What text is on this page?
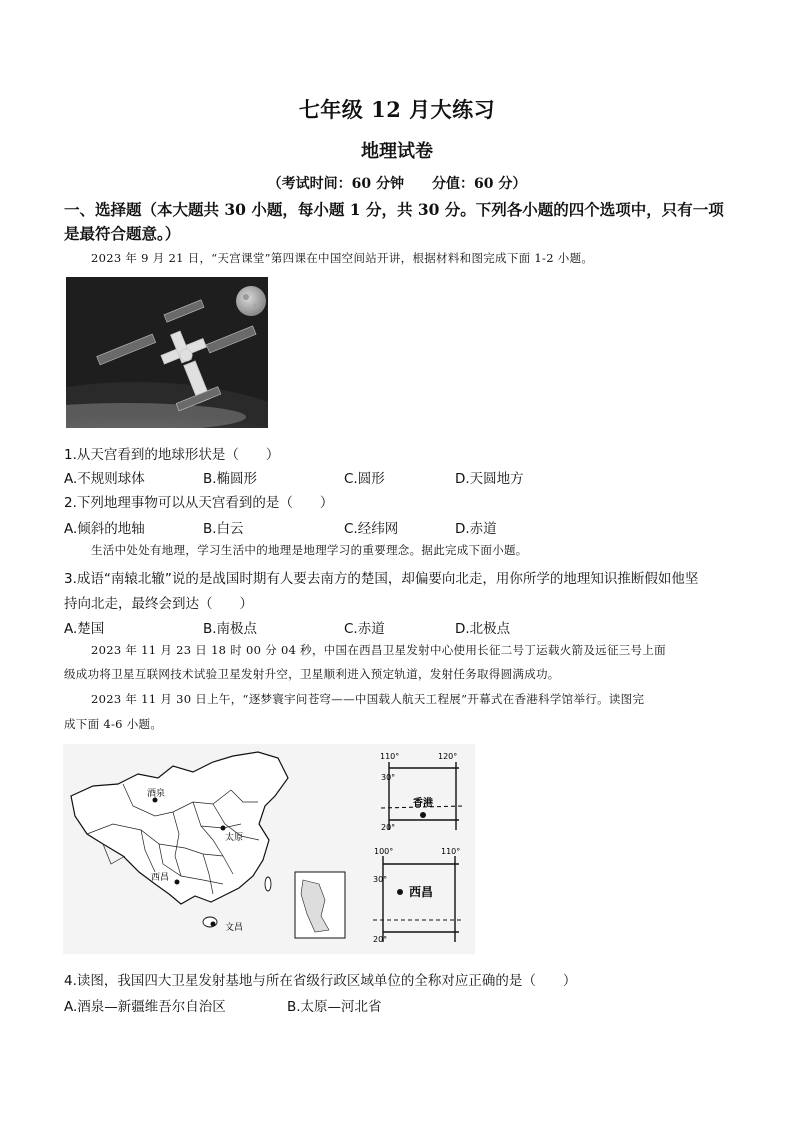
七年级 12 月大练习
地理试卷
（考试时间：60 分钟　　分值：60 分）
一、选择题（本大题共 30 小题，每小题 1 分，共 30 分。下列各小题的四个选项中，只有一项
是最符合题意。）
2023 年 9 月 21 日，“天宫课堂”第四课在中国空间站开讲，根据材料和图完成下面 1-2 小题。
1.从天宫看到的地球形状是（　　）
A.不规则球体	B.椭圆形	C.圆形	D.天圆地方
2.下列地理事物可以从天宫看到的是（　　）
A.倾斜的地轴	B.白云	C.经纬网	D.赤道
生活中处处有地理，学习生活中的地理是地理学习的重要理念。据此完成下面小题。
3.成语“南辕北辙”说的是战国时期有人要去南方的楚国，却偏要向北走，用你所学的地理知识推断假如他坚
持向北走，最终会到达（　　）
A.楚国	B.南极点	C.赤道	D.北极点
2023 年 11 月 23 日 18 时 00 分 04 秒，中国在西昌卫星发射中心使用长征二号丁运载火箭及远征三号上面
级成功将卫星互联网技术试验卫星发射升空，卫星顺利进入预定轨道，发射任务取得圆满成功。
2023 年 11 月 30 日上午，“逐梦寰宇问苍穹——中国载人航天工程展”开幕式在香港科学馆举行。读图完
成下面 4-6 小题。
酒泉
太原
西昌
文昌
110°	120°
30°
20°
香港
100°	110°
30°
20°
西昌
4.读图，我国四大卫星发射基地与所在省级行政区域单位的全称对应正确的是（　　）
A.酒泉—新疆维吾尔自治区	B.太原—河北省
